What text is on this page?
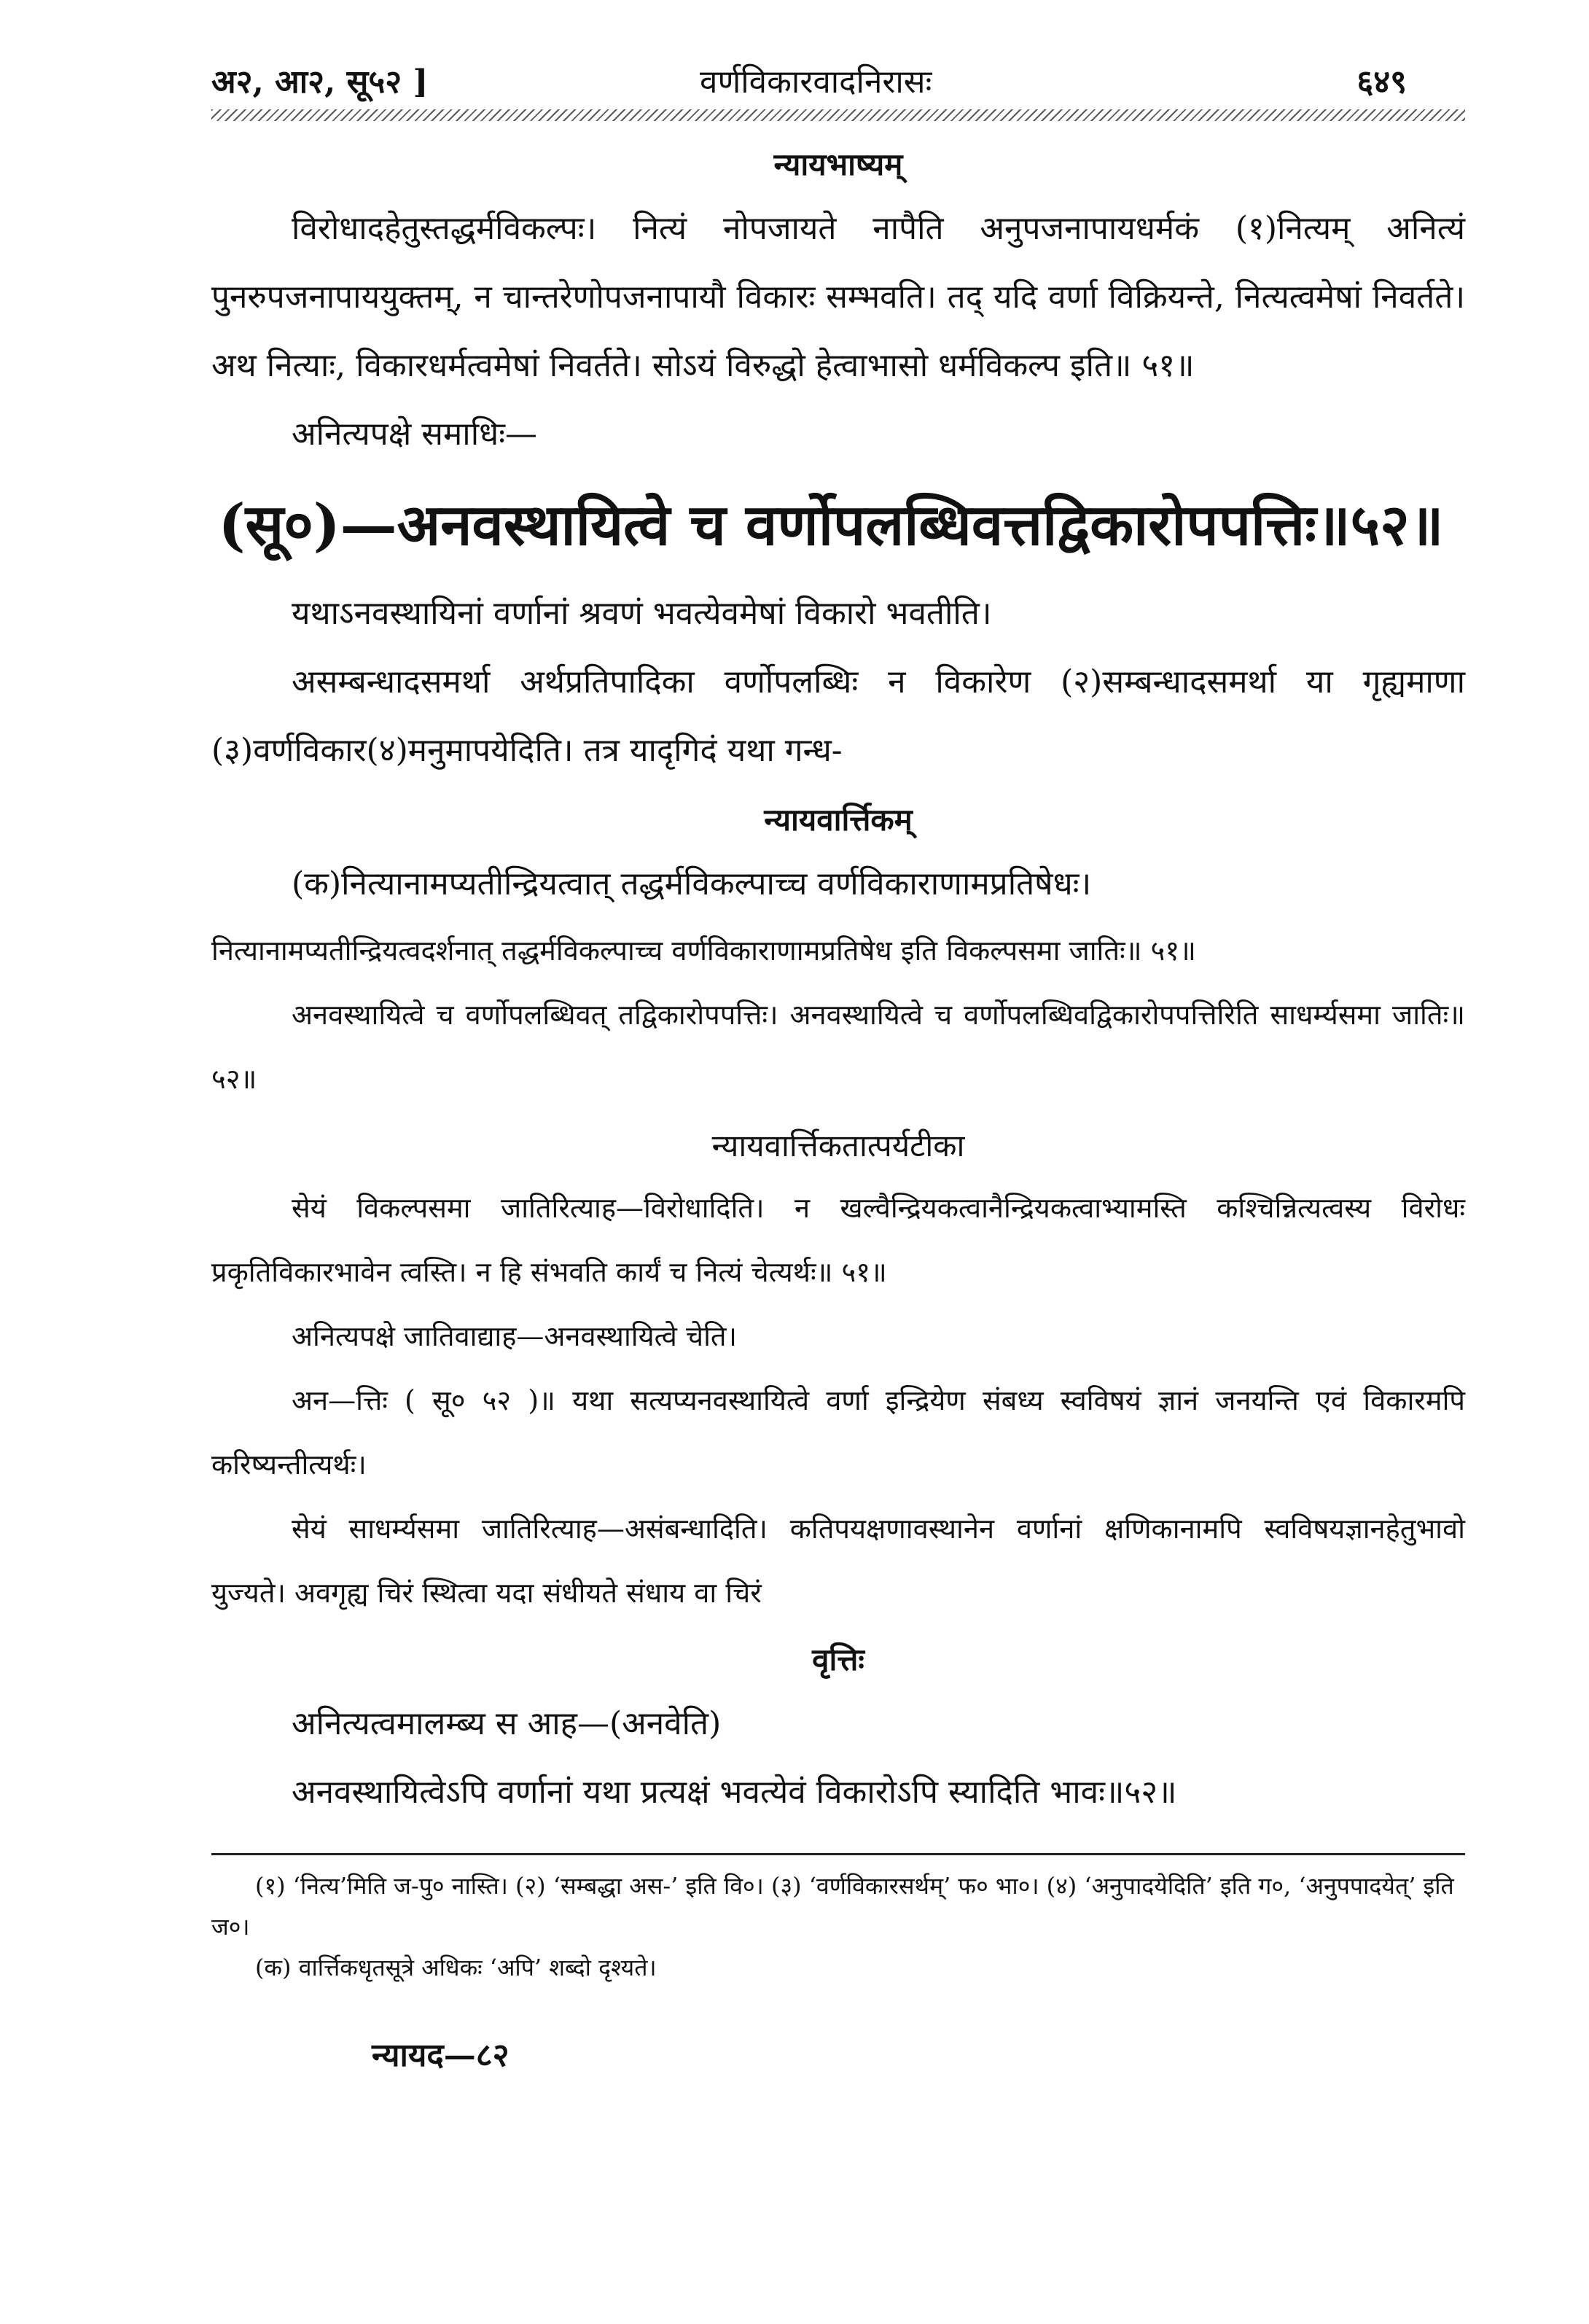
अ२, आ२, सू५२ ]	वर्णविकारवादनिरासः	६४९
न्यायभाष्यम्

विरोधादहेतुस्तद्धर्मविकल्पः। नित्यं नोपजायते नापैति अनुपजनापायधर्मकं (१)नित्यम् अनित्यं पुनरुपजनापाययुक्तम्, न चान्तरेणोपजनापायौ विकारः सम्भवति। तद् यदि वर्णा विक्रियन्ते, नित्यत्वमेषां निवर्तते। अथ नित्याः, विकारधर्मत्वमेषां निवर्तते। सोऽयं विरुद्धो हेत्वाभासो धर्मविकल्प इति॥ ५१॥

अनित्यपक्षे समाधिः—

(सू०)—अनवस्थायित्वे च वर्णोपलब्धिवत्तद्विकारोपपत्तिः॥५२॥

यथाऽनवस्थायिनां वर्णानां श्रवणं भवत्येवमेषां विकारो भवतीति।

असम्बन्धादसमर्था अर्थप्रतिपादिका वर्णोपलब्धिः न विकारेण (२)सम्बन्धादसमर्था या गृह्यमाणा (३)वर्णविकार(४)मनुमापयेदिति। तत्र यादृगिदं यथा गन्ध-

न्यायवार्त्तिकम्

(क)नित्यानामप्यतीन्द्रियत्वात् तद्धर्मविकल्पाच्च वर्णविकाराणामप्रतिषेधः।

नित्यानामप्यतीन्द्रियत्वदर्शनात् तद्धर्मविकल्पाच्च वर्णविकाराणामप्रतिषेध इति विकल्पसमा जातिः॥ ५१॥

अनवस्थायित्वे च वर्णोपलब्धिवत् तद्विकारोपपत्तिः। अनवस्थायित्वे च वर्णोपलब्धिवद्विकारोपपत्तिरिति साधर्म्यसमा जातिः॥ ५२॥

न्यायवार्त्तिकतात्पर्यटीका

सेयं विकल्पसमा जातिरित्याह—विरोधादिति। न खल्वैन्द्रियकत्वानैन्द्रियकत्वाभ्यामस्ति कश्चिन्नित्यत्वस्य विरोधः प्रकृतिविकारभावेन त्वस्ति। न हि संभवति कार्यं च नित्यं चेत्यर्थः॥ ५१॥

अनित्यपक्षे जातिवाद्याह—अनवस्थायित्वे चेति।

अन—त्तिः ( सू० ५२ )॥ यथा सत्यप्यनवस्थायित्वे वर्णा इन्द्रियेण संबध्य स्वविषयं ज्ञानं जनयन्ति एवं विकारमपि करिष्यन्तीत्यर्थः।

सेयं साधर्म्यसमा जातिरित्याह—असंबन्धादिति। कतिपयक्षणावस्थानेन वर्णानां क्षणिकानामपि स्वविषयज्ञानहेतुभावो युज्यते। अवगृह्य चिरं स्थित्वा यदा संधीयते संधाय वा चिरं

वृत्तिः

अनित्यत्वमालम्ब्य स आह—(अनवेति)

अनवस्थायित्वेऽपि वर्णानां यथा प्रत्यक्षं भवत्येवं विकारोऽपि स्यादिति भावः॥५२॥

(१) ‘नित्य’मिति ज-पु० नास्ति। (२) ‘सम्बद्धा अस-’ इति वि०। (३) ‘वर्णविकारसर्थम्’ फ० भा०। (४) ‘अनुपादयेदिति’ इति ग०, ‘अनुपपादयेत्’ इति ज०।

(क) वार्त्तिकधृतसूत्रे अधिकः ‘अपि’ शब्दो दृश्यते।

न्यायद—८२
